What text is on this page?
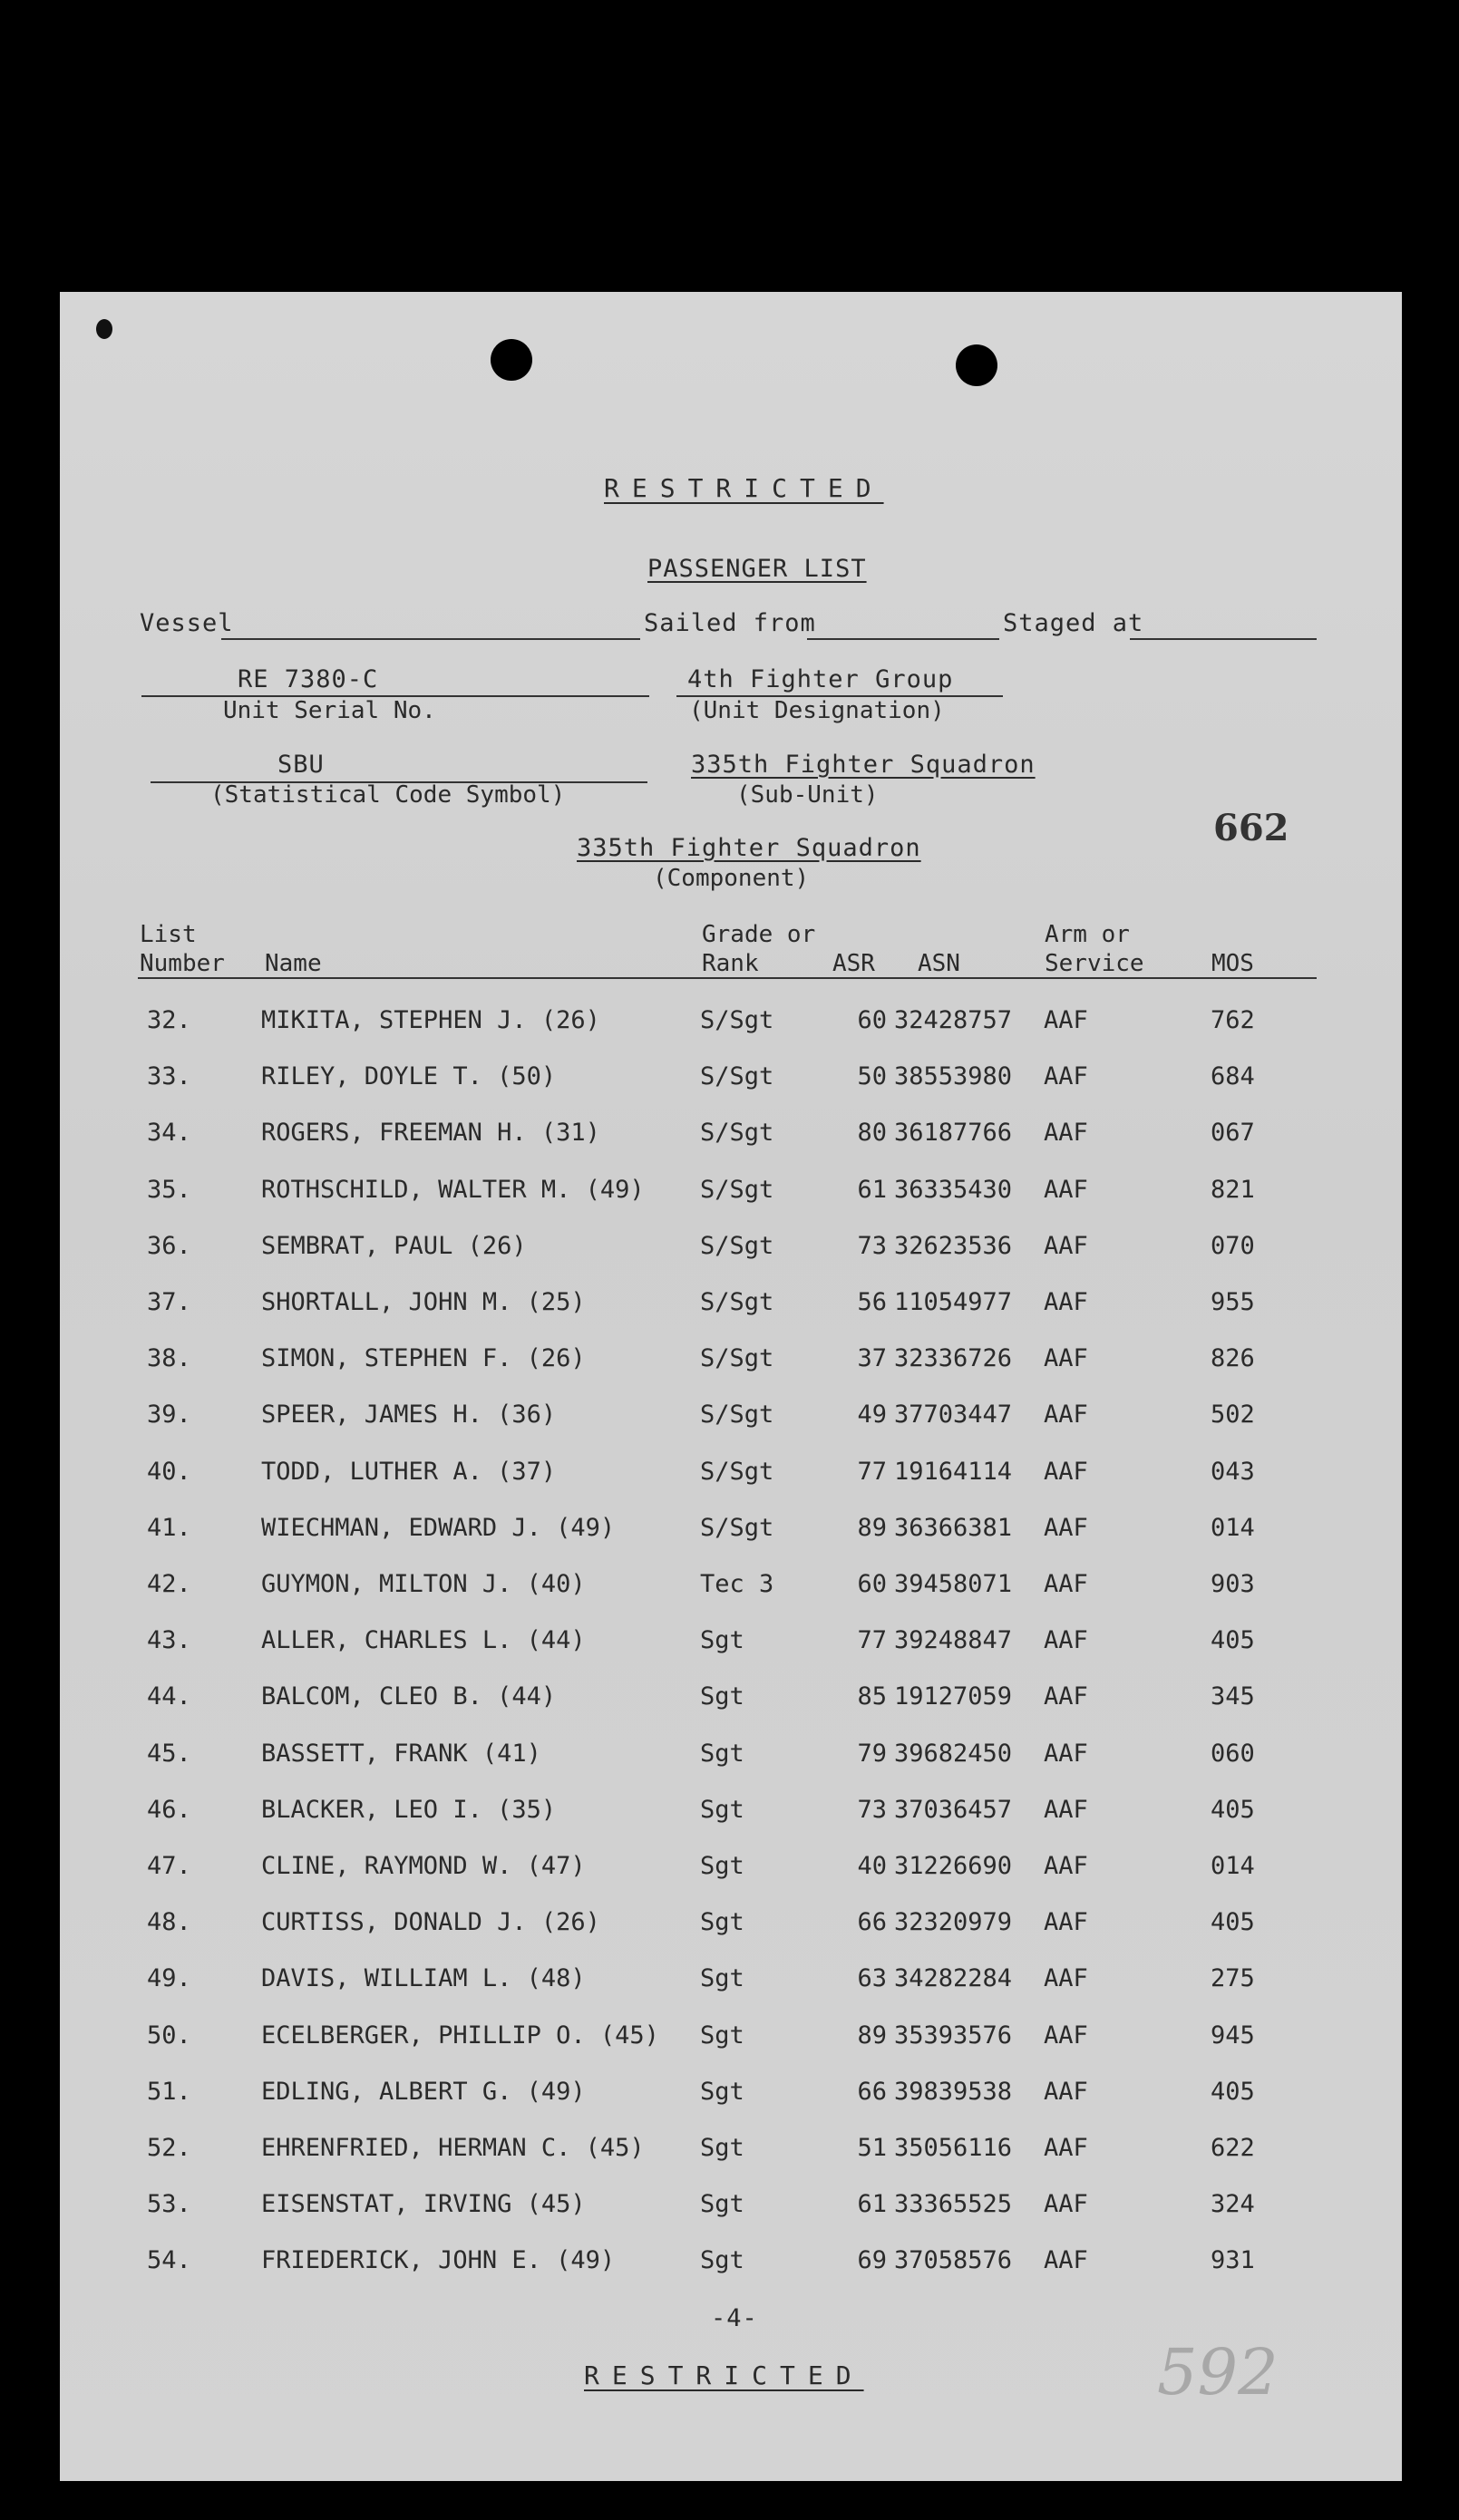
RESTRICTED
PASSENGER LIST
Vessel	Sailed from	Staged at
RE 7380-C
Unit Serial No.
4th Fighter Group
(Unit Designation)
SBU
(Statistical Code Symbol)
335th Fighter Squadron
(Sub-Unit)
662
335th Fighter Squadron
(Component)
List
Number Name
Grade or
Rank	ASR ASN
Arm or
Service	MOS
32.	MIKITA, STEPHEN J. (26)	S/Sgt	60 32428757 AAF	762
33.	RILEY, DOYLE T. (50)	S/Sgt	50 38553980 AAF	684
34.	ROGERS, FREEMAN H. (31)	S/Sgt	80 36187766 AAF	067
35.	ROTHSCHILD, WALTER M. (49) S/Sgt	61 36335430 AAF	821
36.	SEMBRAT, PAUL (26)	S/Sgt	73 32623536 AAF	070
37.	SHORTALL, JOHN M. (25)	S/Sgt	56 11054977 AAF	955
38.	SIMON, STEPHEN F. (26)	S/Sgt	37 32336726 AAF	826
39.	SPEER, JAMES H. (36)	S/Sgt	49 37703447 AAF	502
40.	TODD, LUTHER A. (37)	S/Sgt	77 19164114 AAF	043
41.	WIECHMAN, EDWARD J. (49)	S/Sgt	89 36366381 AAF	014
42.	GUYMON, MILTON J. (40)	Tec 3	60 39458071 AAF	903
43.	ALLER, CHARLES L. (44)	Sgt	77 39248847 AAF	405
44.	BALCOM, CLEO B. (44)	Sgt	85 19127059 AAF	345
45.	BASSETT, FRANK (41)	Sgt	79 39682450 AAF	060
46.	BLACKER, LEO I. (35)	Sgt	73 37036457 AAF	405
47.	CLINE, RAYMOND W. (47)	Sgt	40 31226690 AAF	014
48.	CURTISS, DONALD J. (26)	Sgt	66 32320979 AAF	405
49.	DAVIS, WILLIAM L. (48)	Sgt	63 34282284 AAF	275
50.	ECELBERGER, PHILLIP O. (45) Sgt	89 35393576 AAF	945
51.	EDLING, ALBERT G. (49)	Sgt	66 39839538 AAF	405
52.	EHRENFRIED, HERMAN C. (45) Sgt	51 35056116 AAF	622
53.	EISENSTAT, IRVING (45)	Sgt	61 33365525 AAF	324
54.	FRIEDERICK, JOHN E. (49)	Sgt	69 37058576 AAF	931
-4-
RESTRICTED	592
